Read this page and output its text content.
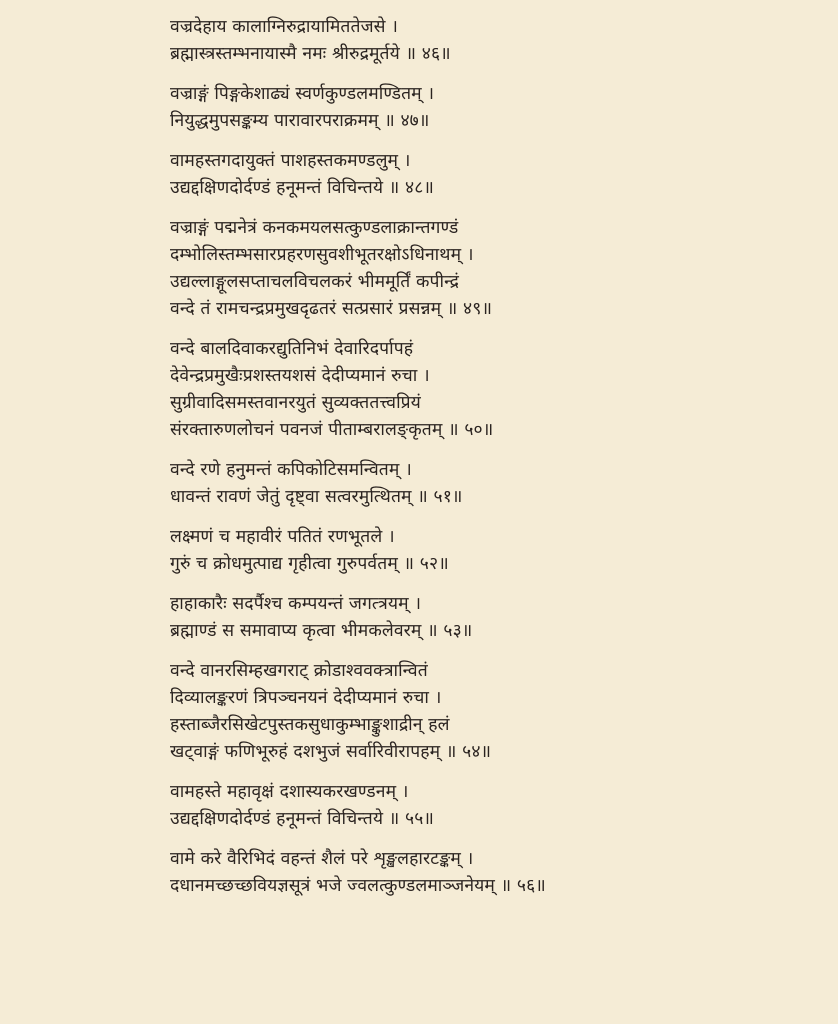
वज्रदेहाय कालाग्निरुद्रायामिततेजसे ।
ब्रह्मास्त्रस्तम्भनायास्मै नमः श्रीरुद्रमूर्तये ॥ ४६॥
वज्राङ्गं पिङ्गकेशाढ्यं स्वर्णकुण्डलमण्डितम् ।
नियुद्धमुपसङ्कम्य पारावारपराक्रमम् ॥ ४७॥
वामहस्तगदायुक्तं पाशहस्तकमण्डलुम् ।
उद्यद्दक्षिणदोर्दण्डं हनूमन्तं विचिन्तये ॥ ४८॥
वज्राङ्गं पद्मनेत्रं कनकमयलसत्कुण्डलाक्रान्तगण्डं
दम्भोलिस्तम्भसारप्रहरणसुवशीभूतरक्षोऽधिनाथम् ।
उद्यल्लाङ्गूलसप्ताचलविचलकरं भीममूर्तिं कपीन्द्रं
वन्दे तं रामचन्द्रप्रमुखदृढतरं सत्प्रसारं प्रसन्नम् ॥ ४९॥
वन्दे बालदिवाकरद्युतिनिभं देवारिदर्पापहं
देवेन्द्रप्रमुखैःप्रशस्तयशसं देदीप्यमानं रुचा ।
सुग्रीवादिसमस्तवानरयुतं सुव्यक्ततत्त्वप्रियं
संरक्तारुणलोचनं पवनजं पीताम्बरालङ्कृतम् ॥ ५०॥
वन्दे रणे हनुमन्तं कपिकोटिसमन्वितम् ।
धावन्तं रावणं जेतुं दृष्ट्वा सत्वरमुत्थितम् ॥ ५१॥
लक्ष्मणं च महावीरं पतितं रणभूतले ।
गुरुं च क्रोधमुत्पाद्य गृहीत्वा गुरुपर्वतम् ॥ ५२॥
हाहाकारैः सदर्पैश्च कम्पयन्तं जगत्त्रयम् ।
ब्रह्माण्डं स समावाप्य कृत्वा भीमकलेवरम् ॥ ५३॥
वन्दे वानरसिम्हखगराट् क्रोडाश्ववक्त्रान्वितं
दिव्यालङ्करणं त्रिपञ्चनयनं देदीप्यमानं रुचा ।
हस्ताब्जैरसिखेटपुस्तकसुधाकुम्भाङ्कुशाद्रीन् हलं
खट्वाङ्गं फणिभूरुहं दशभुजं सर्वारिवीरापहम् ॥ ५४॥
वामहस्ते महावृक्षं दशास्यकरखण्डनम् ।
उद्यद्दक्षिणदोर्दण्डं हनूमन्तं विचिन्तये ॥ ५५॥
वामे करे वैरिभिदं वहन्तं शैलं परे शृङ्खलहारटङ्कम् ।
दधानमच्छच्छवियज्ञसूत्रं भजे ज्वलत्कुण्डलमाञ्जनेयम् ॥ ५६॥
